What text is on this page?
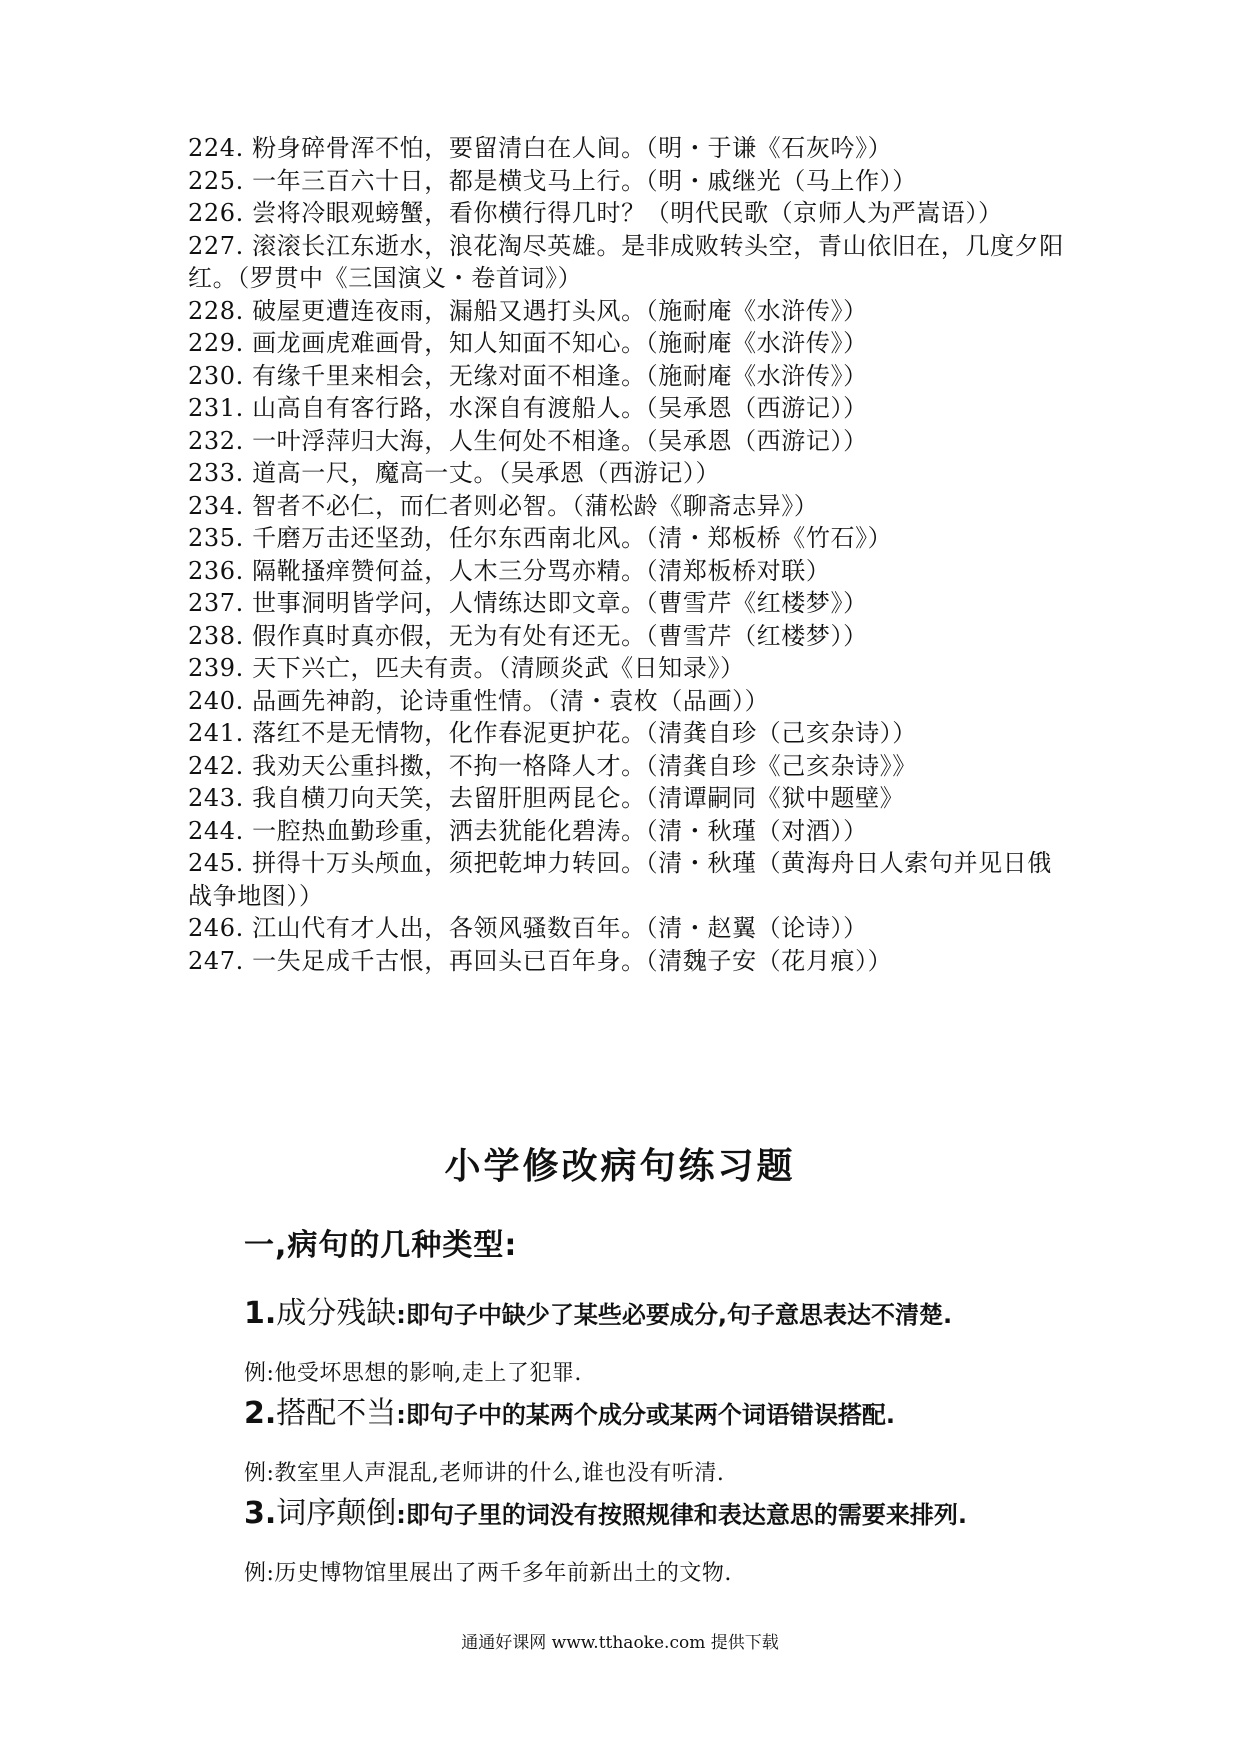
224. 粉身碎骨浑不怕，要留清白在人间。（明・于谦《石灰吟》）
225. 一年三百六十日，都是横戈马上行。（明・戚继光（马上作））
226. 尝将冷眼观螃蟹，看你横行得几时？（明代民歌（京师人为严嵩语））
227. 滚滚长江东逝水，浪花淘尽英雄。是非成败转头空，青山依旧在，几度夕阳红。（罗贯中《三国演义・卷首词》）
228. 破屋更遭连夜雨，漏船又遇打头风。（施耐庵《水浒传》）
229. 画龙画虎难画骨，知人知面不知心。（施耐庵《水浒传》）
230. 有缘千里来相会，无缘对面不相逢。（施耐庵《水浒传》）
231. 山高自有客行路，水深自有渡船人。（吴承恩（西游记））
232. 一叶浮萍归大海，人生何处不相逢。（吴承恩（西游记））
233. 道高一尺，魔高一丈。（吴承恩（西游记））
234. 智者不必仁，而仁者则必智。（蒲松龄《聊斋志异》）
235. 千磨万击还坚劲，任尔东西南北风。（清・郑板桥《竹石》）
236. 隔靴搔痒赞何益，人木三分骂亦精。（清郑板桥对联）
237. 世事洞明皆学问，人情练达即文章。（曹雪芹《红楼梦》）
238. 假作真时真亦假，无为有处有还无。（曹雪芹（红楼梦））
239. 天下兴亡，匹夫有责。（清顾炎武《日知录》）
240. 品画先神韵，论诗重性情。（清・袁枚（品画））
241. 落红不是无情物，化作春泥更护花。（清龚自珍（己亥杂诗））
242. 我劝天公重抖擞，不拘一格降人才。（清龚自珍《己亥杂诗》》
243. 我自横刀向天笑，去留肝胆两昆仑。（清谭嗣同《狱中题壁》
244. 一腔热血勤珍重，洒去犹能化碧涛。（清・秋瑾（对酒））
245. 拼得十万头颅血，须把乾坤力转回。（清・秋瑾（黄海舟日人索句并见日俄战争地图））
246. 江山代有才人出，各领风骚数百年。（清・赵翼（论诗））
247. 一失足成千古恨，再回头已百年身。（清魏子安（花月痕））
小学修改病句练习题
一,病句的几种类型:
1.成分残缺:即句子中缺少了某些必要成分,句子意思表达不清楚.
例:他受坏思想的影响,走上了犯罪.
2.搭配不当:即句子中的某两个成分或某两个词语错误搭配.
例:教室里人声混乱,老师讲的什么,谁也没有听清.
3.词序颠倒:即句子里的词没有按照规律和表达意思的需要来排列.
例:历史博物馆里展出了两千多年前新出土的文物.
通通好课网 www.tthaoke.com 提供下载
